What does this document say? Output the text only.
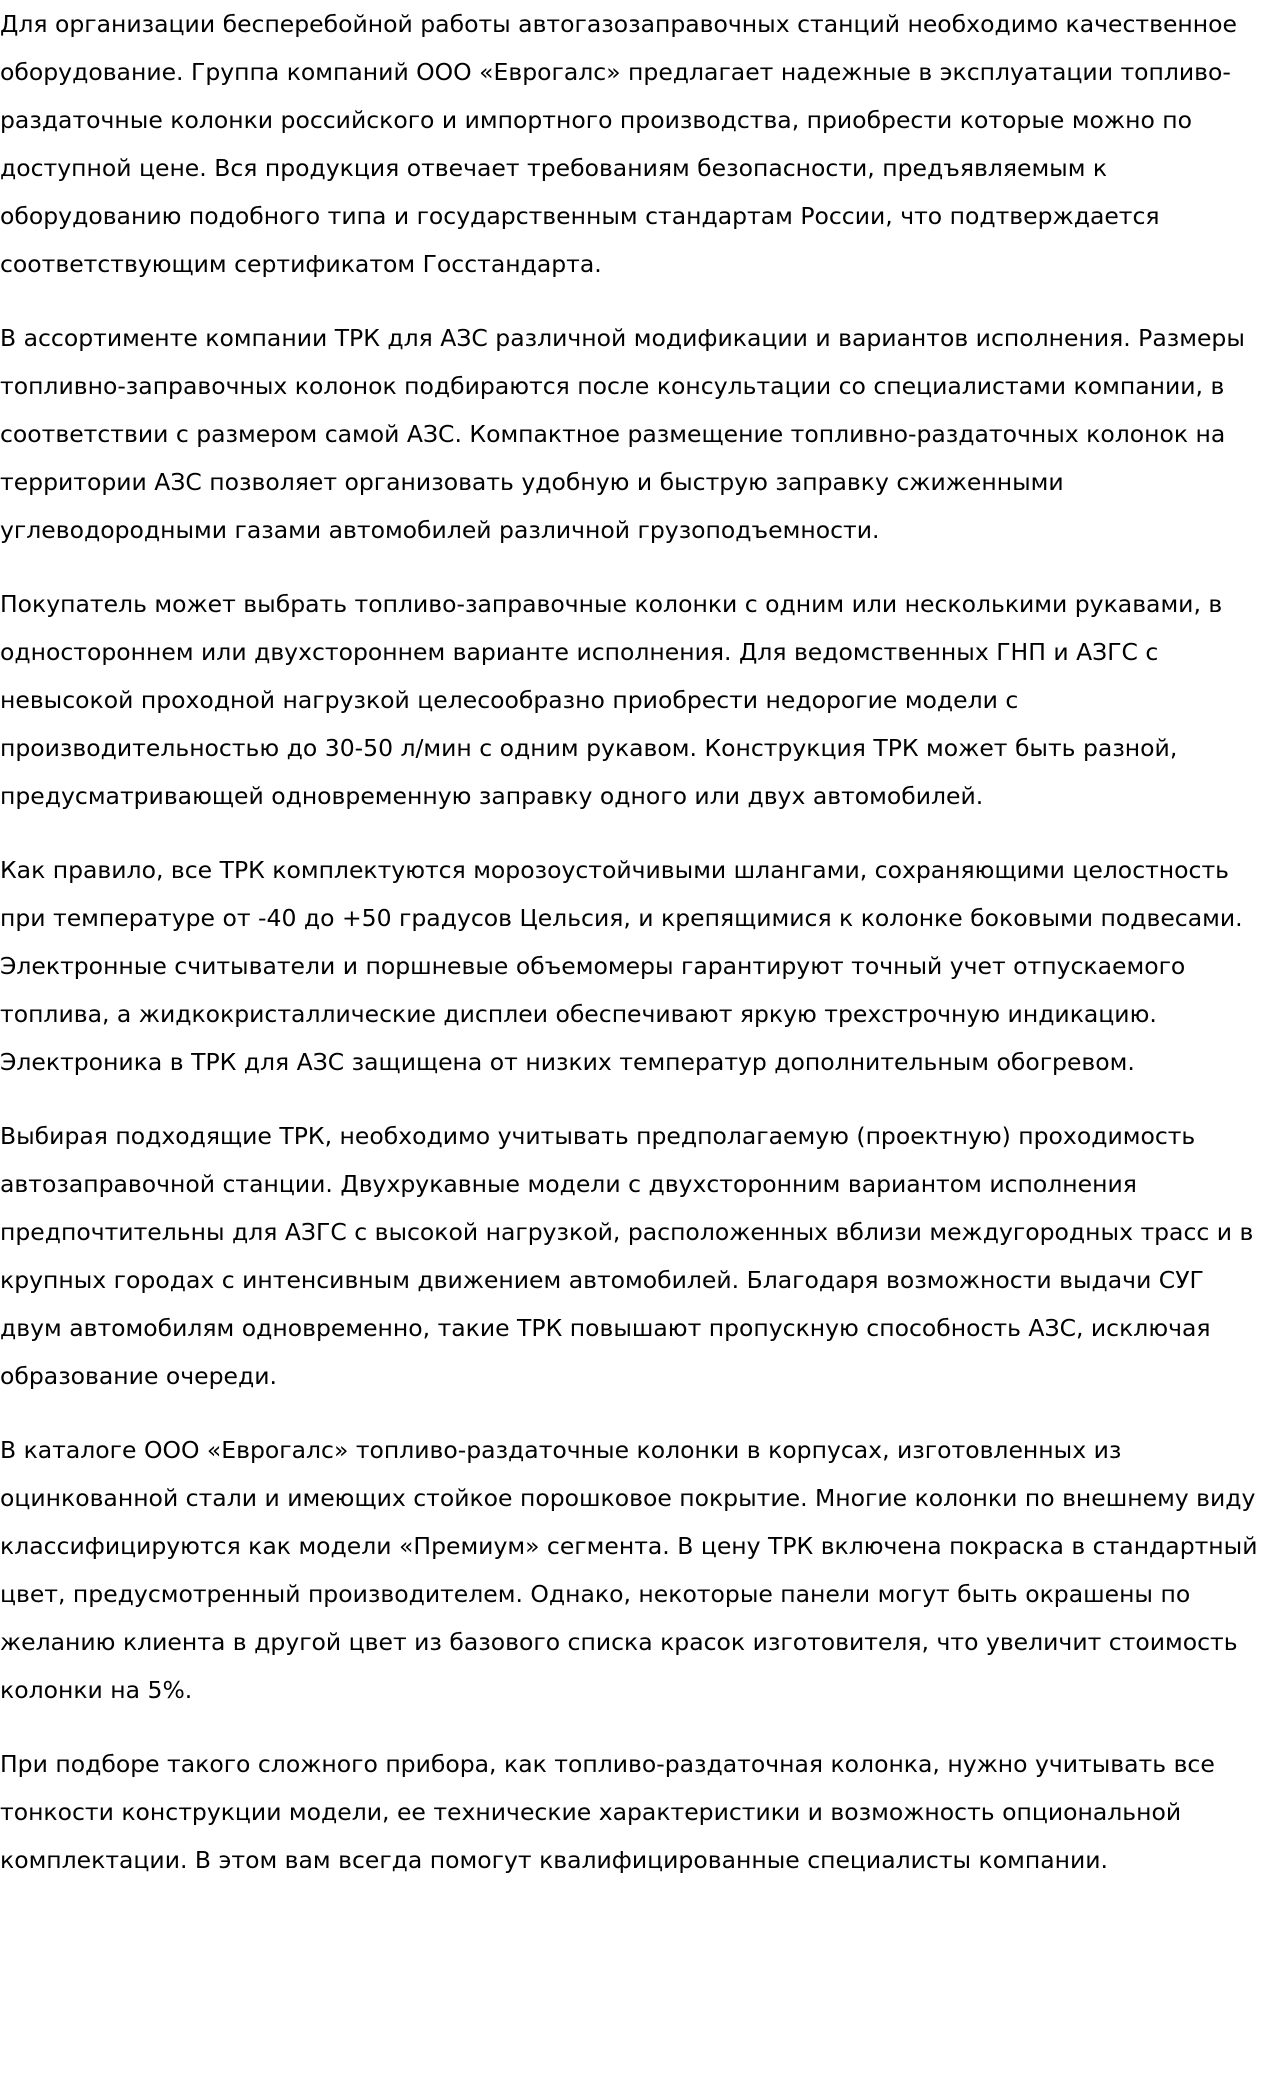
Для организации бесперебойной работы автогазозаправочных станций необходимо качественное оборудование. Группа компаний ООО «Еврогалс» предлагает надежные в эксплуатации топливо-раздаточные колонки российского и импортного производства, приобрести которые можно по доступной цене. Вся продукция отвечает требованиям безопасности, предъявляемым к оборудованию подобного типа и государственным стандартам России, что подтверждается соответствующим сертификатом Госстандарта.

В ассортименте компании ТРК для АЗС различной модификации и вариантов исполнения. Размеры топливно-заправочных колонок подбираются после консультации со специалистами компании, в соответствии с размером самой АЗС. Компактное размещение топливно-раздаточных колонок на территории АЗС позволяет организовать удобную и быструю заправку сжиженными углеводородными газами автомобилей различной грузоподъемности.

Покупатель может выбрать топливо-заправочные колонки с одним или несколькими рукавами, в одностороннем или двухстороннем варианте исполнения. Для ведомственных ГНП и АЗГС с невысокой проходной нагрузкой целесообразно приобрести недорогие модели с производительностью до 30-50 л/мин с одним рукавом. Конструкция ТРК может быть разной, предусматривающей одновременную заправку одного или двух автомобилей.

Как правило, все ТРК комплектуются морозоустойчивыми шлангами, сохраняющими целостность при температуре от -40 до +50 градусов Цельсия, и крепящимися к колонке боковыми подвесами. Электронные считыватели и поршневые объемомеры гарантируют точный учет отпускаемого топлива, а жидкокристаллические дисплеи обеспечивают яркую трехстрочную индикацию. Электроника в ТРК для АЗС защищена от низких температур дополнительным обогревом.

Выбирая подходящие ТРК, необходимо учитывать предполагаемую (проектную) проходимость автозаправочной станции. Двухрукавные модели с двухсторонним вариантом исполнения предпочтительны для АЗГС с высокой нагрузкой, расположенных вблизи междугородных трасс и в крупных городах с интенсивным движением автомобилей. Благодаря возможности выдачи СУГ двум автомобилям одновременно, такие ТРК повышают пропускную способность АЗС, исключая образование очереди.

В каталоге ООО «Еврогалс» топливо-раздаточные колонки в корпусах, изготовленных из оцинкованной стали и имеющих стойкое порошковое покрытие. Многие колонки по внешнему виду классифицируются как модели «Премиум» сегмента. В цену ТРК включена покраска в стандартный цвет, предусмотренный производителем. Однако, некоторые панели могут быть окрашены по желанию клиента в другой цвет из базового списка красок изготовителя, что увеличит стоимость колонки на 5%.

При подборе такого сложного прибора, как топливо-раздаточная колонка, нужно учитывать все тонкости конструкции модели, ее технические характеристики и возможность опциональной комплектации. В этом вам всегда помогут квалифицированные специалисты компании.
